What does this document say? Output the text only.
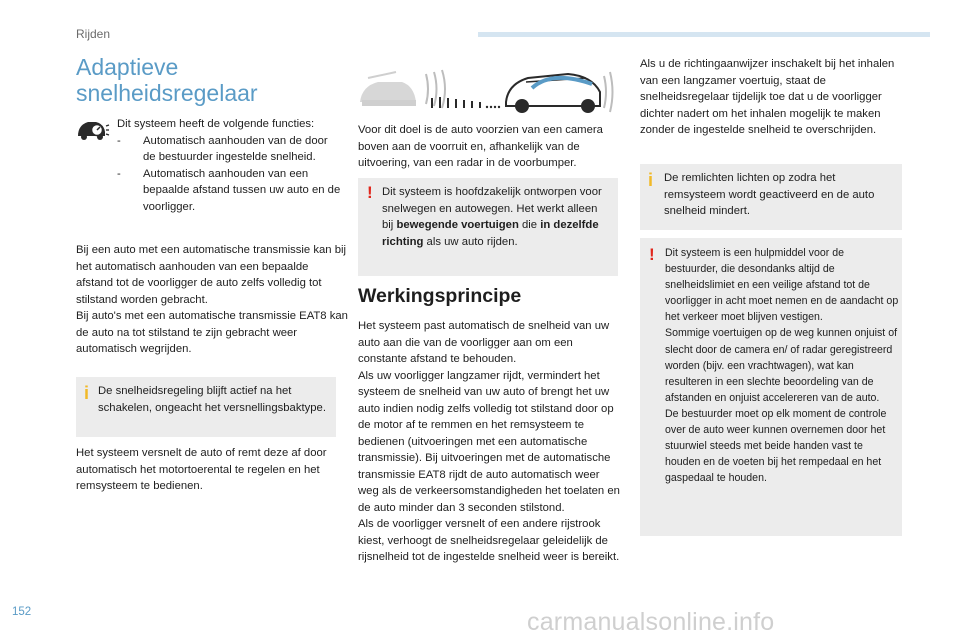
Rijden
Adaptieve
snelheidsregelaar
Dit systeem heeft de volgende functies:
- Automatisch aanhouden van de door de bestuurder ingestelde snelheid.
- Automatisch aanhouden van een bepaalde afstand tussen uw auto en de voorligger.
Bij een auto met een automatische transmissie kan bij het automatisch aanhouden van een bepaalde afstand tot de voorligger de auto zelfs volledig tot stilstand worden gebracht.
Bij auto's met een automatische transmissie EAT8 kan de auto na tot stilstand te zijn gebracht weer automatisch wegrijden.
i De snelheidsregeling blijft actief na het schakelen, ongeacht het versnellingsbaktype.
Het systeem versnelt de auto of remt deze af door automatisch het motortoerental te regelen en het remsysteem te bedienen.
Voor dit doel is de auto voorzien van een camera boven aan de voorruit en, afhankelijk van de uitvoering, van een radar in de voorbumper.
! Dit systeem is hoofdzakelijk ontworpen voor snelwegen en autowegen. Het werkt alleen bij bewegende voertuigen die in dezelfde richting als uw auto rijden.
Werkingsprincipe
Het systeem past automatisch de snelheid van uw auto aan die van de voorligger aan om een constante afstand te behouden.
Als uw voorligger langzamer rijdt, vermindert het systeem de snelheid van uw auto of brengt het uw auto indien nodig zelfs volledig tot stilstand door op de motor af te remmen en het remsysteem te bedienen (uitvoeringen met een automatische transmissie). Bij uitvoeringen met de automatische transmissie EAT8 rijdt de auto automatisch weer weg als de verkeersomstandigheden het toelaten en de auto minder dan 3 seconden stilstond.
Als de voorligger versnelt of een andere rijstrook kiest, verhoogt de snelheidsregelaar geleidelijk de rijsnelheid tot de ingestelde snelheid weer is bereikt.
Als u de richtingaanwijzer inschakelt bij het inhalen van een langzamer voertuig, staat de snelheidsregelaar tijdelijk toe dat u de voorligger dichter nadert om het inhalen mogelijk te maken zonder de ingestelde snelheid te overschrijden.
i De remlichten lichten op zodra het remsysteem wordt geactiveerd en de auto snelheid mindert.
! Dit systeem is een hulpmiddel voor de bestuurder, die desondanks altijd de snelheidslimiet en een veilige afstand tot de voorligger in acht moet nemen en de aandacht op het verkeer moet blijven vestigen.
Sommige voertuigen op de weg kunnen onjuist of slecht door de camera en/ of radar geregistreerd worden (bijv. een vrachtwagen), wat kan resulteren in een slechte beoordeling van de afstanden en onjuist accelereren van de auto.
De bestuurder moet op elk moment de controle over de auto weer kunnen overnemen door het stuurwiel steeds met beide handen vast te houden en de voeten bij het rempedaal en het gaspedaal te houden.
152	carmanualsonline.info
